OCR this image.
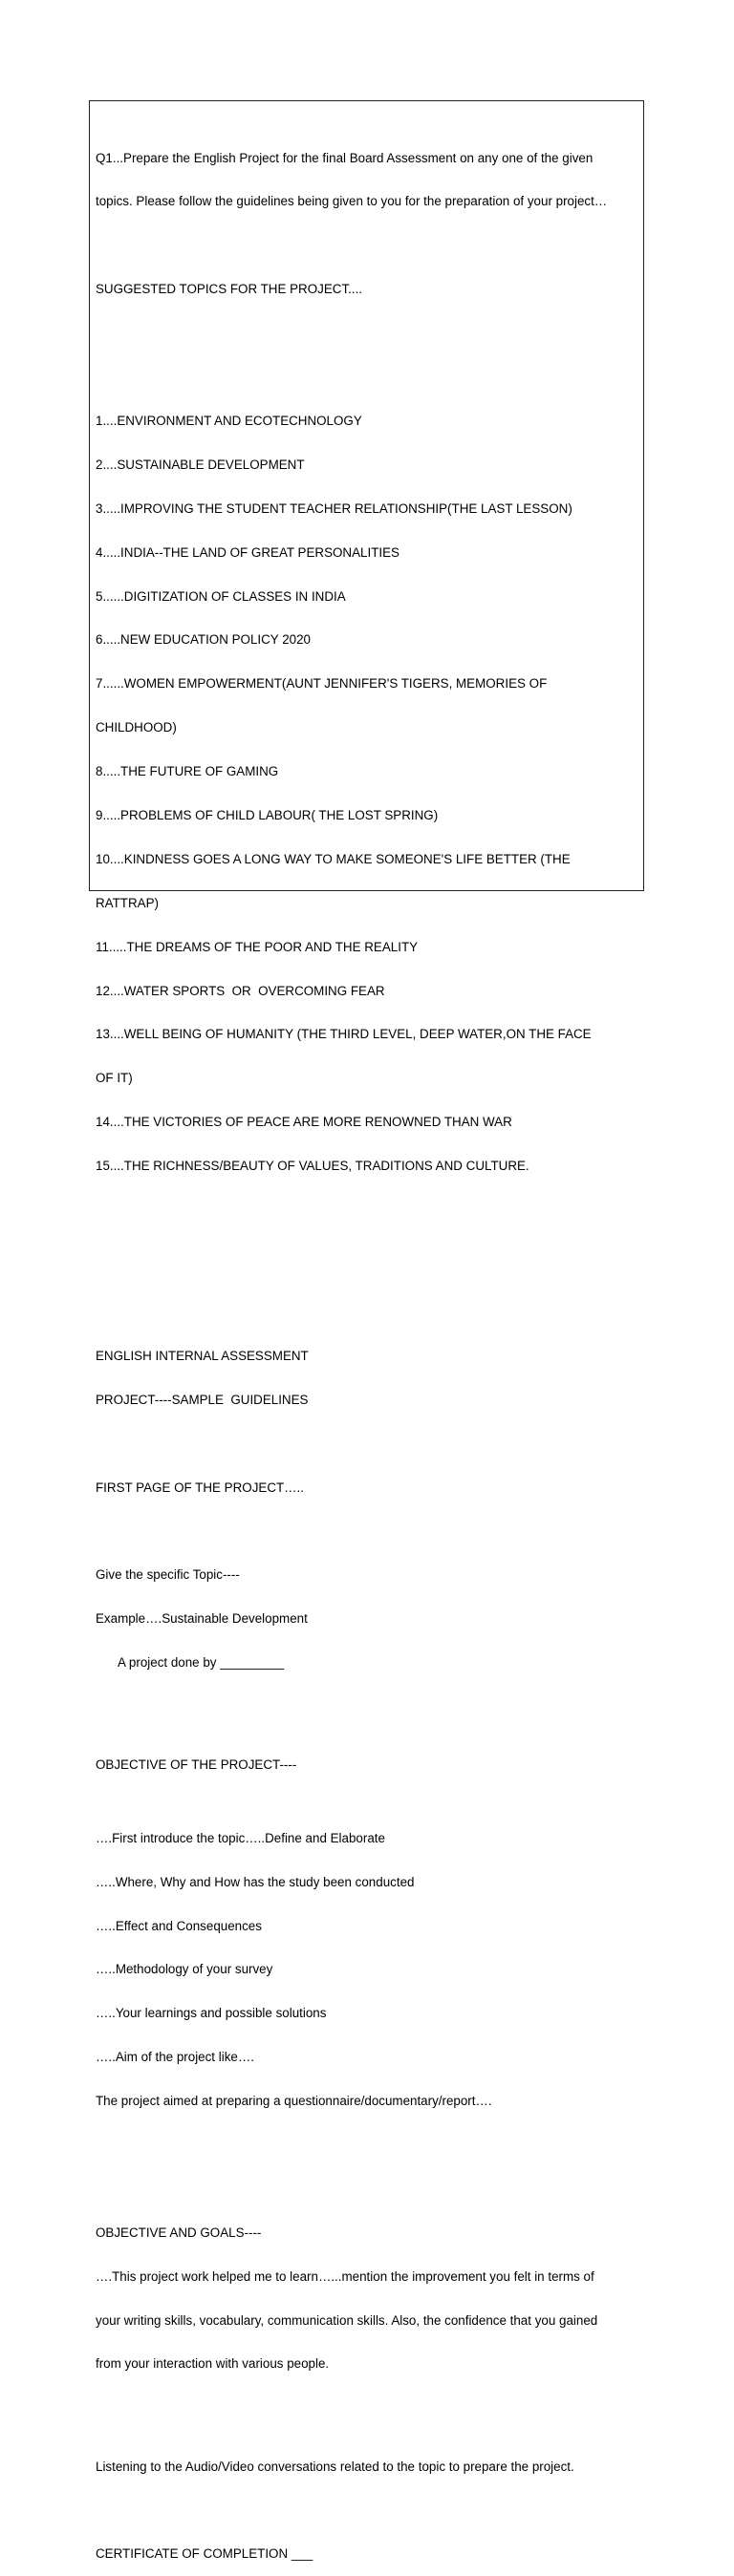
Q1...Prepare the English Project for the final Board Assessment on any one of the given

topics. Please follow the guidelines being given to you for the preparation of your project…

SUGGESTED TOPICS FOR THE PROJECT....

1....ENVIRONMENT AND ECOTECHNOLOGY

2....SUSTAINABLE DEVELOPMENT

3.....IMPROVING THE STUDENT TEACHER RELATIONSHIP(THE LAST LESSON)

4.....INDIA--THE LAND OF GREAT PERSONALITIES

5......DIGITIZATION OF CLASSES IN INDIA

6.....NEW EDUCATION POLICY 2020

7......WOMEN EMPOWERMENT(AUNT JENNIFER'S TIGERS, MEMORIES OF

CHILDHOOD)

8.....THE FUTURE OF GAMING

9.....PROBLEMS OF CHILD LABOUR( THE LOST SPRING)

10....KINDNESS GOES A LONG WAY TO MAKE SOMEONE'S LIFE BETTER (THE

RATTRAP)

11.....THE DREAMS OF THE POOR AND THE REALITY

12....WATER SPORTS  OR  OVERCOMING FEAR

13....WELL BEING OF HUMANITY (THE THIRD LEVEL, DEEP WATER,ON THE FACE

OF IT)

14....THE VICTORIES OF PEACE ARE MORE RENOWNED THAN WAR

15....THE RICHNESS/BEAUTY OF VALUES, TRADITIONS AND CULTURE.

ENGLISH INTERNAL ASSESSMENT

PROJECT----SAMPLE  GUIDELINES

FIRST PAGE OF THE PROJECT…..

Give the specific Topic----

Example….Sustainable Development

A project done by _________

OBJECTIVE OF THE PROJECT----

….First introduce the topic…..Define and Elaborate

…..Where, Why and How has the study been conducted

…..Effect and Consequences

…..Methodology of your survey

…..Your learnings and possible solutions

…..Aim of the project like….

The project aimed at preparing a questionnaire/documentary/report….

OBJECTIVE AND GOALS----

….This project work helped me to learn…...mention the improvement you felt in terms of

your writing skills, vocabulary, communication skills. Also, the confidence that you gained

from your interaction with various people.

Listening to the Audio/Video conversations related to the topic to prepare the project.

CERTIFICATE OF COMPLETION ___
